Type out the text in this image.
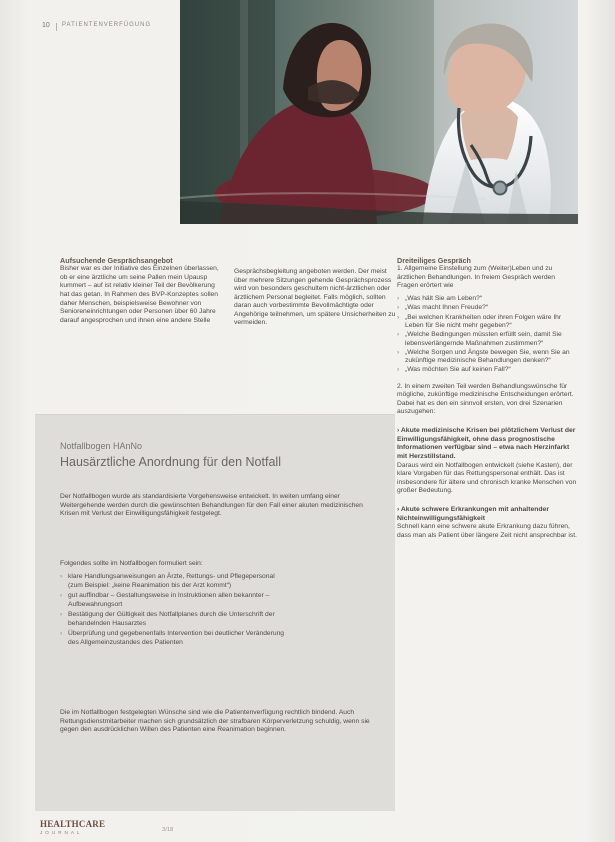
10 PATIENTENVERFÜGUNG

Aufsuchende Gesprächsangebot

Bisher war es der Initiative des Einzelnen überlassen, ob er eine ärztliche um seine Pallen mein Upausp kummert – auf ist relativ kleiner Teil der Bevölkerung hat das getan. In Rahmen des BVP-Konzeptes sollen daher Menschen, beispielsweise Bewohner von Senioreneinrichtungen oder Personen über 60 Jahre darauf angesprochen und ihnen eine andere Stelle

Gesprächsbegleitung angeboten werden. Der meist über mehrere Sitzungen gehende Gesprächsprozess wird von besonders geschultem nicht-ärztlichen oder ärztlichem Personal begleitet. Falls möglich, sollten daran auch vorbestimmte Bevollmächtigte oder Angehörige teilnehmen, um spätere Unsicherheiten zu vermeiden.

Dreiteiliges Gespräch

1. Allgemeine Einstellung zum (Weiter)Leben und zu ärztlichen Behandlungen. In freiem Gespräch werden Fragen erörtert wie

› „Was hält Sie am Leben?“
› „Was macht Ihnen Freude?“
› „Bei welchen Krankheiten oder ihren Folgen wäre Ihr Leben für Sie nicht mehr gegeben?“
› „Welche Bedingungen müssten erfüllt sein, damit Sie lebensverlängernde Maßnahmen zustimmen?“
› „Welche Sorgen und Ängste bewegen Sie, wenn Sie an zukünftige medizinische Behandlungen denken?“
› „Was möchten Sie auf keinen Fall?“

2. In einem zweiten Teil werden Behandlungswünsche für mögliche, zukünftige medizinische Entscheidungen erörtert. Dabei hat es den ein sinnvoll ersten, von drei Szenarien auszugehen:

› Akute medizinische Krisen bei plötzlichem Verlust der Einwilligungsfähigkeit, ohne dass prognostische Informationen verfügbar sind – etwa nach Herzinfarkt mit Herzstillstand.

Daraus wird ein Notfallbogen entwickelt (siehe Kasten), der klare Vorgaben für das Rettungspersonal enthält. Das ist insbesondere für ältere und chronisch kranke Menschen von großer Bedeutung.

› Akute schwere Erkrankungen mit anhaltender Nichteinwilligungsfähigkeit

Schnell kann eine schwere akute Erkrankung dazu führen, dass man als Patient über längere Zeit nicht ansprechbar ist.

Notfallbogen HAnNo
Hausärztliche Anordnung für den Notfall
Der Notfallbogen wurde als standardisierte Vorgehensweise entwickelt. In weiten umfang einer Weitergehende werden durch die gewünschten Behandlungen für den Fall einer akuten medizinischen Krisen mit Verlust der Einwilligungsfähigkeit festgelegt.
Folgendes sollte im Notfallbogen formuliert sein:
› klare Handlungsanweisungen an Ärzte, Rettungs- und Pflegepersonal
(zum Beispiel: „keine Reanimation bis der Arzt kommt“)
› gut auffindbar – Gestaltungsweise in Instruktionen allen bekannter –
Aufbewahrungsort
› Bestätigung der Gültigkeit des Notfallplanes durch die Unterschrift der
behandelnden Hausarztes
› Überprüfung und gegebenenfalls Intervention bei deutlicher Veränderung
des Allgemeinzustandes des Patienten
Die im Notfallbogen festgelegten Wünsche sind wie die Patientenverfügung rechtlich bindend. Auch Rettungsdienstmitarbeiter machen sich grundsätzlich der strafbaren Körperverletzung schuldig, wenn sie gegen den ausdrücklichen Willen des Patienten eine Reanimation beginnen.
HEALTHCARE
JOURNAL	3/18
